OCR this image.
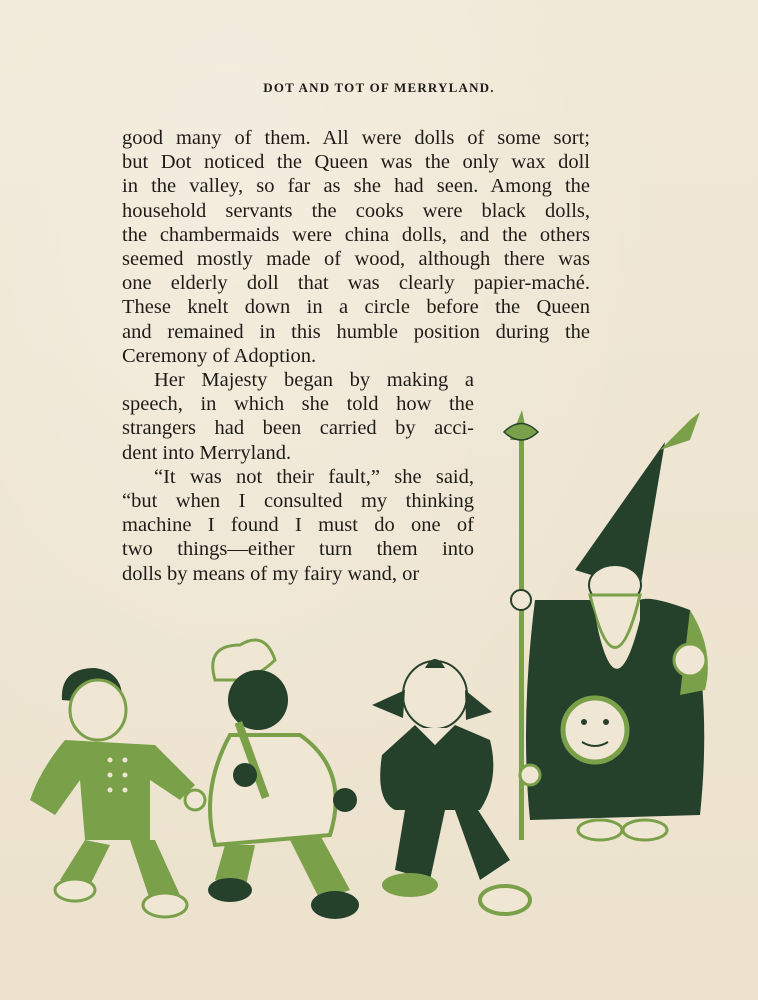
DOT AND TOT OF MERRYLAND.
good many of them. All were dolls of some sort;
but Dot noticed the Queen was the only wax doll
in the valley, so far as she had seen. Among the
household servants the cooks were black dolls,
the chambermaids were china dolls, and the others
seemed mostly made of wood, although there was
one elderly doll that was clearly papier-maché.
These knelt down in a circle before the Queen
and remained in this humble position during the
Ceremony of Adoption.
Her Majesty began by making a
speech, in which she told how the
strangers had been carried by acci-
dent into Merryland.
“It was not their fault,” she said,
“but when I consulted my thinking
machine I found I must do one of
two things—either turn them into
dolls by means of my fairy wand, or
